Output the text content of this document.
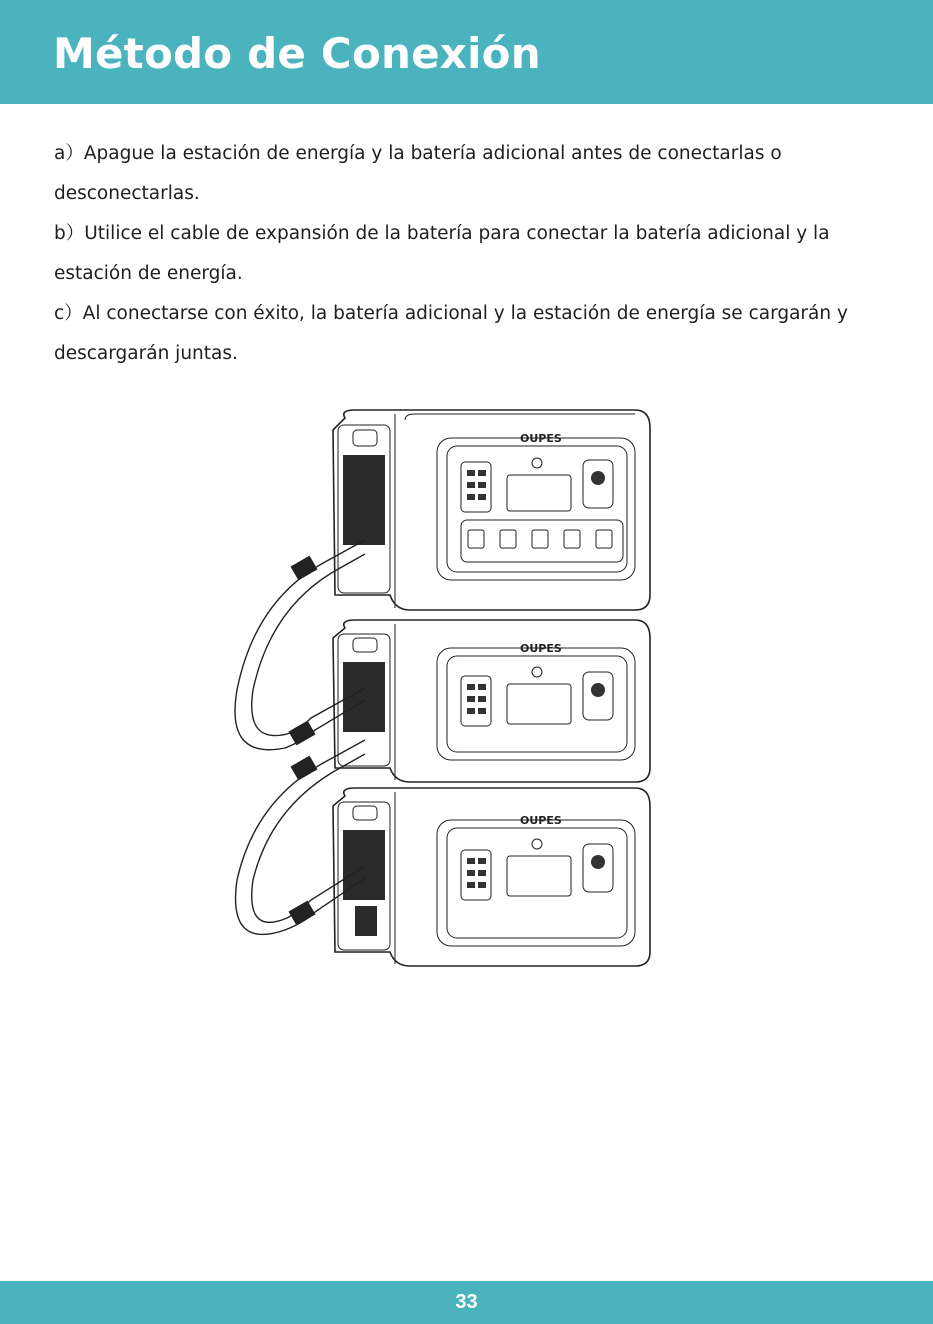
Método de Conexión

a）Apague la estación de energía y la batería adicional antes de conectarlas o desconectarlas.

b）Utilice el cable de expansión de la batería para conectar la batería adicional y la estación de energía.

c）Al conectarse con éxito, la batería adicional y la estación de energía se cargarán y descargarán juntas.

OUPES
OUPES
OUPES
33
